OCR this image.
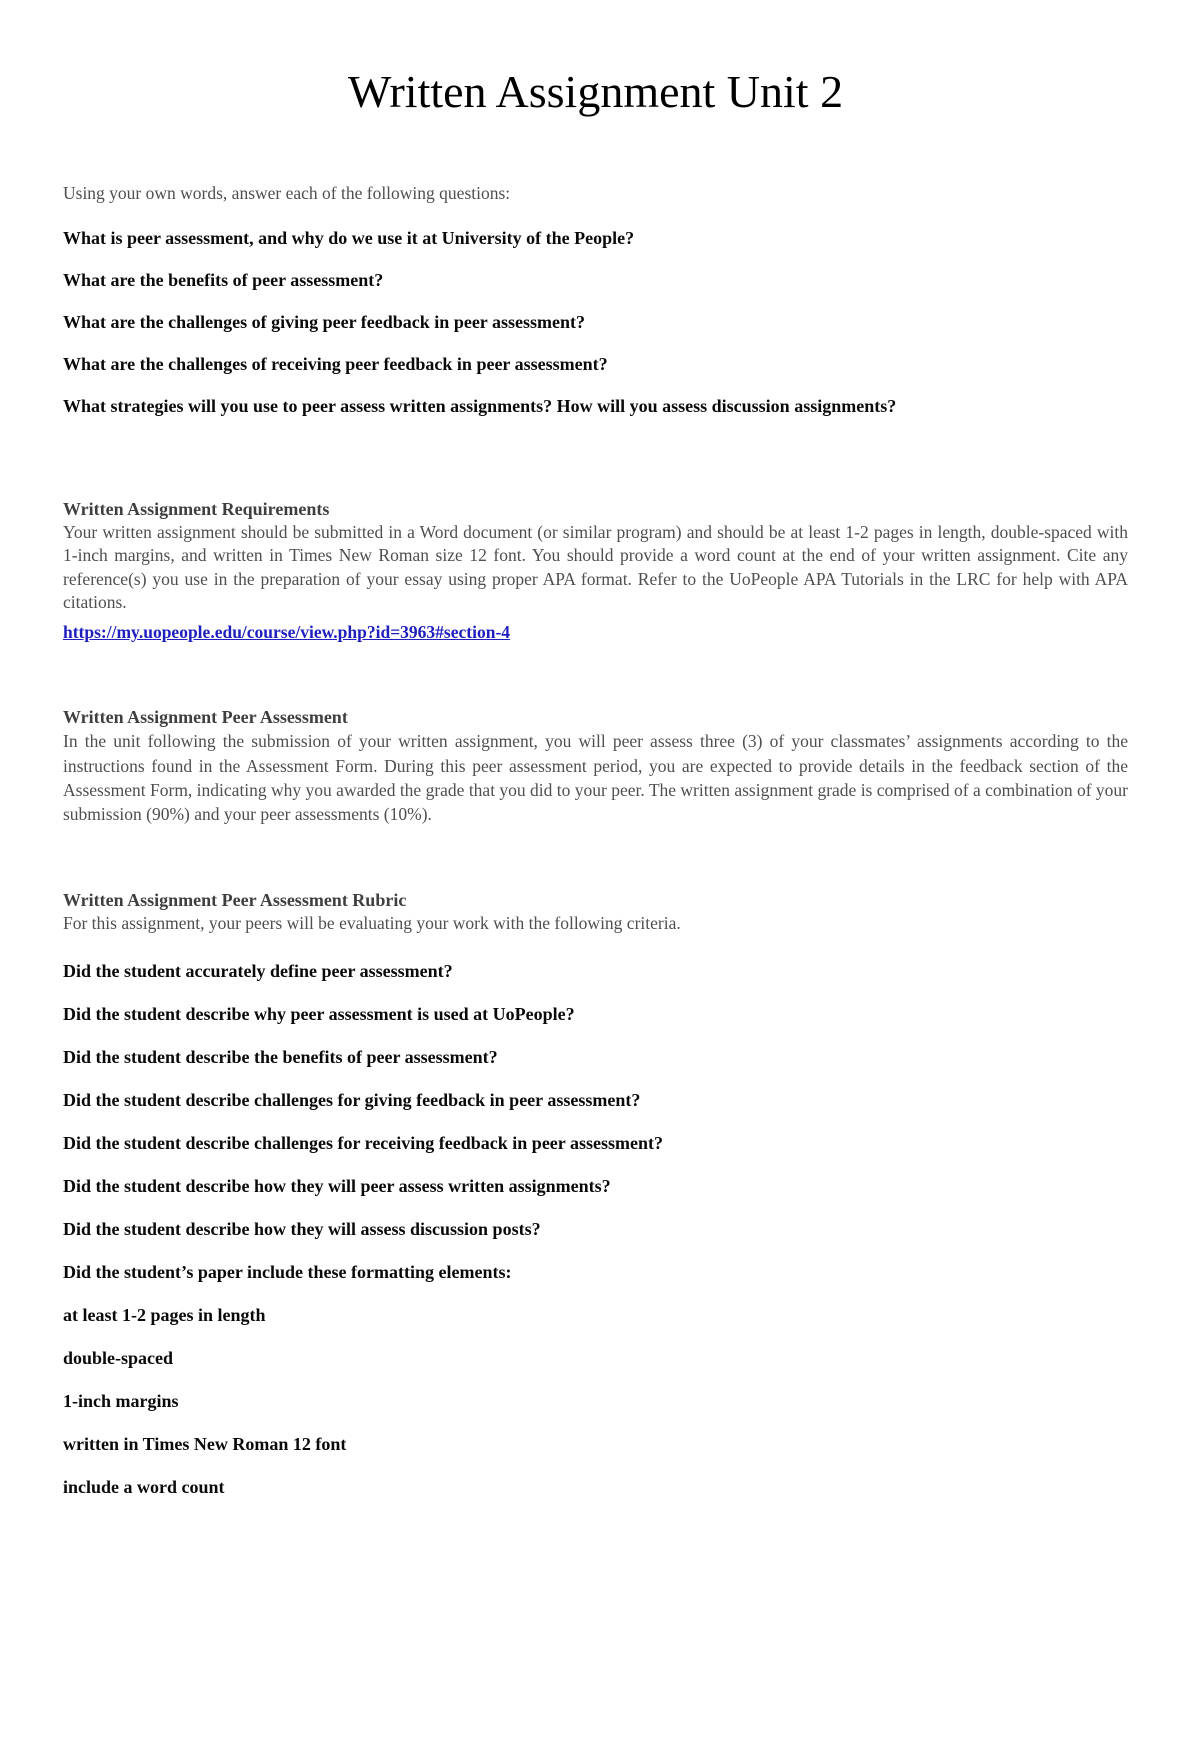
Written Assignment Unit 2

Using your own words, answer each of the following questions:

What is peer assessment, and why do we use it at University of the People?

What are the benefits of peer assessment?

What are the challenges of giving peer feedback in peer assessment?

What are the challenges of receiving peer feedback in peer assessment?

What strategies will you use to peer assess written assignments? How will you assess discussion assignments?

Written Assignment Requirements

Your written assignment should be submitted in a Word document (or similar program) and should be at least 1-2 pages in length, double-spaced with 1-inch margins, and written in Times New Roman size 12 font. You should provide a word count at the end of your written assignment. Cite any reference(s) you use in the preparation of your essay using proper APA format. Refer to the UoPeople APA Tutorials in the LRC for help with APA citations.

https://my.uopeople.edu/course/view.php?id=3963#section-4
Written Assignment Peer Assessment

In the unit following the submission of your written assignment, you will peer assess three (3) of your classmates’ assignments according to the instructions found in the Assessment Form. During this peer assessment period, you are expected to provide details in the feedback section of the Assessment Form, indicating why you awarded the grade that you did to your peer. The written assignment grade is comprised of a combination of your submission (90%) and your peer assessments (10%).

Written Assignment Peer Assessment Rubric

For this assignment, your peers will be evaluating your work with the following criteria.

Did the student accurately define peer assessment?

Did the student describe why peer assessment is used at UoPeople?

Did the student describe the benefits of peer assessment?

Did the student describe challenges for giving feedback in peer assessment?

Did the student describe challenges for receiving feedback in peer assessment?

Did the student describe how they will peer assess written assignments?

Did the student describe how they will assess discussion posts?

Did the student’s paper include these formatting elements:

at least 1-2 pages in length

double-spaced

1-inch margins

written in Times New Roman 12 font

include a word count
